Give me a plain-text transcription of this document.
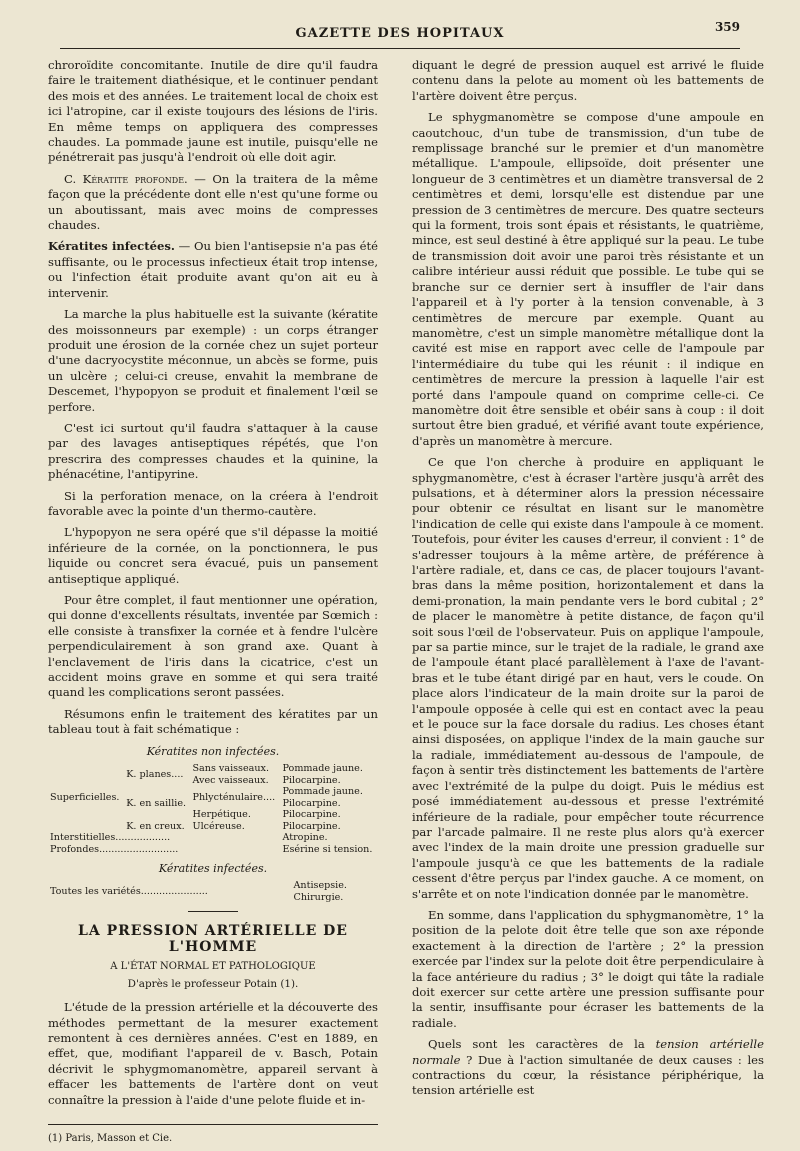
GAZETTE DES HOPITAUX	359

chroroïdite concomitante. Inutile de dire qu'il faudra faire le traitement diathésique, et le continuer pendant des mois et des années. Le traitement local de choix est ici l'atropine, car il existe toujours des lésions de l'iris. En même temps on appliquera des compresses chaudes. La pommade jaune est inutile, puisqu'elle ne pénétrerait pas jusqu'à l'endroit où elle doit agir.

C. Kératite profonde. — On la traitera de la même façon que la précédente dont elle n'est qu'une forme ou un aboutissant, mais avec moins de compresses chaudes.

Kératites infectées. — Ou bien l'antisepsie n'a pas été suffisante, ou le processus infectieux était trop intense, ou l'infection était produite avant qu'on ait eu à intervenir.

La marche la plus habituelle est la suivante (kératite des moissonneurs par exemple) : un corps étranger produit une érosion de la cornée chez un sujet porteur d'une dacryocystite méconnue, un abcès se forme, puis un ulcère ; celui-ci creuse, envahit la membrane de Descemet, l'hypopyon se produit et finalement l'œil se perfore.

C'est ici surtout qu'il faudra s'attaquer à la cause par des lavages antiseptiques répétés, que l'on prescrira des compresses chaudes et la quinine, la phénacétine, l'antipyrine.

Si la perforation menace, on la créera à l'endroit favorable avec la pointe d'un thermo-cautère.

L'hypopyon ne sera opéré que s'il dépasse la moitié inférieure de la cornée, on la ponctionnera, le pus liquide ou concret sera évacué, puis un pansement antiseptique appliqué.

Pour être complet, il faut mentionner une opération, qui donne d'excellents résultats, inventée par Sœmich : elle consiste à transfixer la cornée et à fendre l'ulcère perpendiculairement à son grand axe. Quant à l'enclavement de l'iris dans la cicatrice, c'est un accident moins grave en somme et qui sera traité quand les complications seront passées.

Résumons enfin le traitement des kératites par un tableau tout à fait schématique :

Kératites non infectées.
Superficielles.	K. planes....	Sans vaisseaux.	Pommade jaune.
		Avec vaisseaux.	Pilocarpine.
	K. en saillie.	Phlycténulaire....	Pommade jaune.
			Pilocarpine.
		Herpétique.	Pilocarpine.
	K. en creux.	Ulcéreuse.	Pilocarpine.
Interstitielles..................			Atropine.
Profondes..........................			Esérine si tension.
Kératites infectées.
Toutes les variétés......................	Antisepsie.
Chirurgie.
LA PRESSION ARTÉRIELLE DE L'HOMME
A L'ÉTAT NORMAL ET PATHOLOGIQUE
D'après le professeur Potain (1).

L'étude de la pression artérielle et la découverte des méthodes permettant de la mesurer exactement remontent à ces dernières années. C'est en 1889, en effet, que, modifiant l'appareil de v. Basch, Potain décrivit le sphygmomanomètre, appareil servant à effacer les battements de l'artère dont on veut connaître la pression à l'aide d'une pelote fluide et in-

(1) Paris, Masson et Cie.

diquant le degré de pression auquel est arrivé le fluide contenu dans la pelote au moment où les battements de l'artère doivent être perçus.

Le sphygmanomètre se compose d'une ampoule en caoutchouc, d'un tube de transmission, d'un tube de remplissage branché sur le premier et d'un manomètre métallique. L'ampoule, ellipsoïde, doit présenter une longueur de 3 centimètres et un diamètre transversal de 2 centimètres et demi, lorsqu'elle est distendue par une pression de 3 centimètres de mercure. Des quatre secteurs qui la forment, trois sont épais et résistants, le quatrième, mince, est seul destiné à être appliqué sur la peau. Le tube de transmission doit avoir une paroi très résistante et un calibre intérieur aussi réduit que possible. Le tube qui se branche sur ce dernier sert à insuffler de l'air dans l'appareil et à l'y porter à la tension convenable, à 3 centimètres de mercure par exemple. Quant au manomètre, c'est un simple manomètre métallique dont la cavité est mise en rapport avec celle de l'ampoule par l'intermédiaire du tube qui les réunit : il indique en centimètres de mercure la pression à laquelle l'air est porté dans l'ampoule quand on comprime celle-ci. Ce manomètre doit être sensible et obéir sans à coup : il doit surtout être bien gradué, et vérifié avant toute expérience, d'après un manomètre à mercure.

Ce que l'on cherche à produire en appliquant le sphygmanomètre, c'est à écraser l'artère jusqu'à arrêt des pulsations, et à déterminer alors la pression nécessaire pour obtenir ce résultat en lisant sur le manomètre l'indication de celle qui existe dans l'ampoule à ce moment. Toutefois, pour éviter les causes d'erreur, il convient : 1° de s'adresser toujours à la même artère, de préférence à l'artère radiale, et, dans ce cas, de placer toujours l'avant-bras dans la même position, horizontalement et dans la demi-pronation, la main pendante vers le bord cubital ; 2° de placer le manomètre à petite distance, de façon qu'il soit sous l'œil de l'observateur. Puis on applique l'ampoule, par sa partie mince, sur le trajet de la radiale, le grand axe de l'ampoule étant placé parallèlement à l'axe de l'avant-bras et le tube étant dirigé par en haut, vers le coude. On place alors l'indicateur de la main droite sur la paroi de l'ampoule opposée à celle qui est en contact avec la peau et le pouce sur la face dorsale du radius. Les choses étant ainsi disposées, on applique l'index de la main gauche sur la radiale, immédiatement au-dessous de l'ampoule, de façon à sentir très distinctement les battements de l'artère avec l'extrémité de la pulpe du doigt. Puis le médius est posé immédiatement au-dessous et presse l'extrémité inférieure de la radiale, pour empêcher toute récurrence par l'arcade palmaire. Il ne reste plus alors qu'à exercer avec l'index de la main droite une pression graduelle sur l'ampoule jusqu'à ce que les battements de la radiale cessent d'être perçus par l'index gauche. A ce moment, on s'arrête et on note l'indication donnée par le manomètre.

En somme, dans l'application du sphygmanomètre, 1° la position de la pelote doit être telle que son axe réponde exactement à la direction de l'artère ; 2° la pression exercée par l'index sur la pelote doit être perpendiculaire à la face antérieure du radius ; 3° le doigt qui tâte la radiale doit exercer sur cette artère une pression suffisante pour la sentir, insuffisante pour écraser les battements de la radiale.

Quels sont les caractères de la tension artérielle normale ? Due à l'action simultanée de deux causes : les contractions du cœur, la résistance périphérique, la tension artérielle est
